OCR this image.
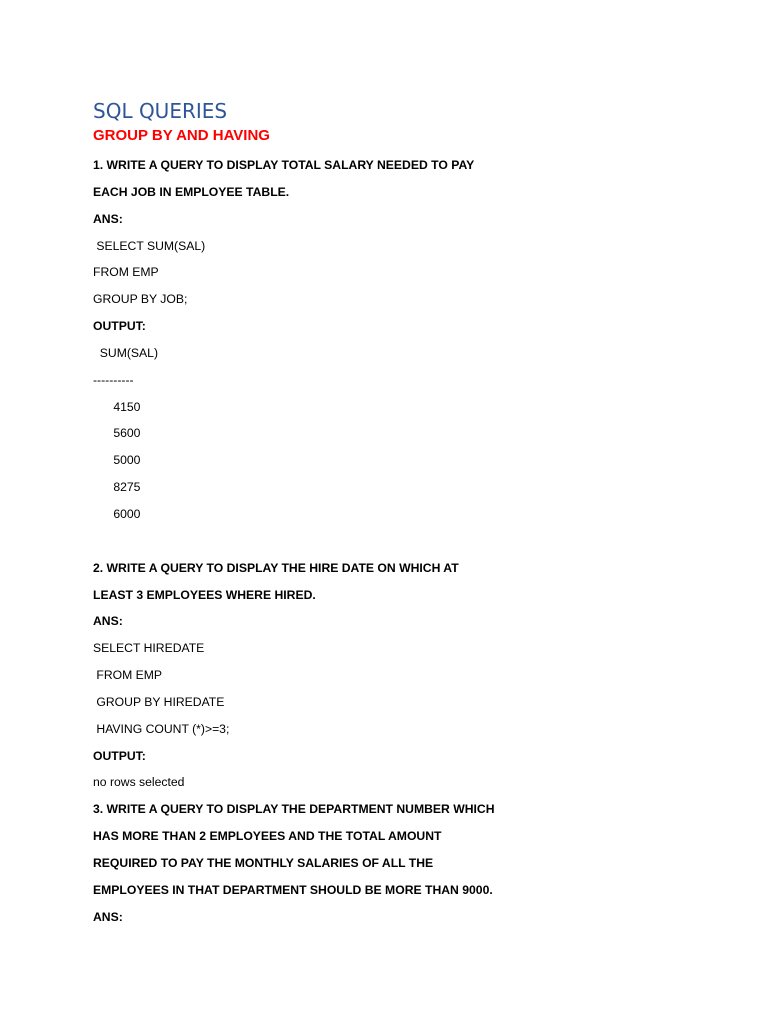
SQL QUERIES
GROUP BY AND HAVING
1. WRITE A QUERY TO DISPLAY TOTAL SALARY NEEDED TO PAY
EACH JOB IN EMPLOYEE TABLE.
ANS:
SELECT SUM(SAL)
FROM EMP
GROUP BY JOB;
OUTPUT:
SUM(SAL)
----------
4150
5600
5000
8275
6000
2. WRITE A QUERY TO DISPLAY THE HIRE DATE ON WHICH AT
LEAST 3 EMPLOYEES WHERE HIRED.
ANS:
SELECT HIREDATE
FROM EMP
GROUP BY HIREDATE
HAVING COUNT (*)>=3;
OUTPUT:
no rows selected
3. WRITE A QUERY TO DISPLAY THE DEPARTMENT NUMBER WHICH
HAS MORE THAN 2 EMPLOYEES AND THE TOTAL AMOUNT
REQUIRED TO PAY THE MONTHLY SALARIES OF ALL THE
EMPLOYEES IN THAT DEPARTMENT SHOULD BE MORE THAN 9000.
ANS:
